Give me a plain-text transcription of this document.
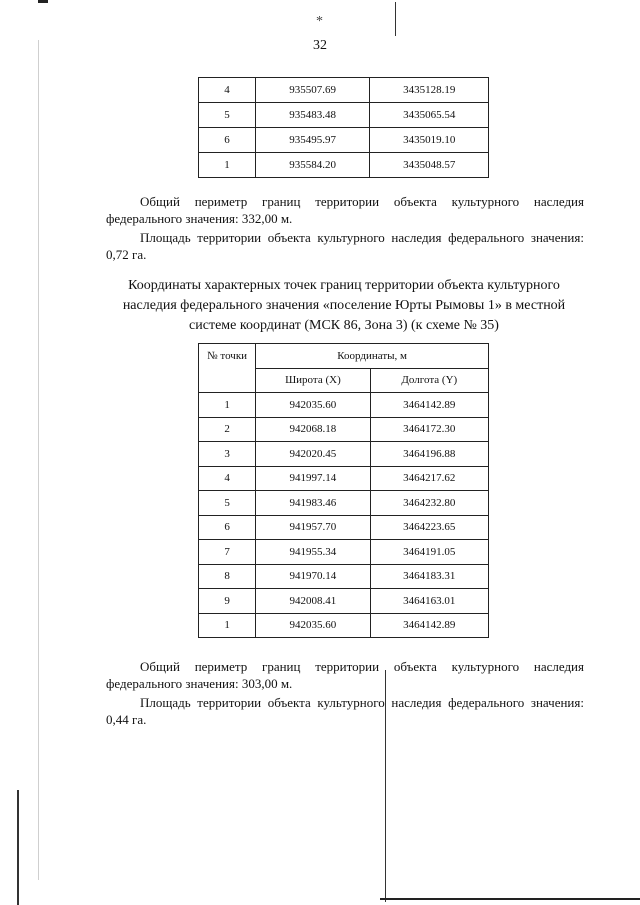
*
32
4	935507.69	3435128.19
5	935483.48	3435065.54
6	935495.97	3435019.10
1	935584.20	3435048.57
Общий периметр границ территории объекта культурного наследия федерального значения: 332,00 м.
Площадь территории объекта культурного наследия федерального значения: 0,72 га.
Координаты характерных точек границ территории объекта культурного наследия федерального значения «поселение Юрты Рымовы 1» в местной системе координат (МСК 86, Зона 3) (к схеме № 35)
№ точки	Координаты, м	
	Широта (X)	Долгота (Y)
1	942035.60	3464142.89
2	942068.18	3464172.30
3	942020.45	3464196.88
4	941997.14	3464217.62
5	941983.46	3464232.80
6	941957.70	3464223.65
7	941955.34	3464191.05
8	941970.14	3464183.31
9	942008.41	3464163.01
1	942035.60	3464142.89
Общий периметр границ территории объекта культурного наследия федерального значения: 303,00 м.
Площадь территории объекта культурного наследия федерального значения: 0,44 га.
